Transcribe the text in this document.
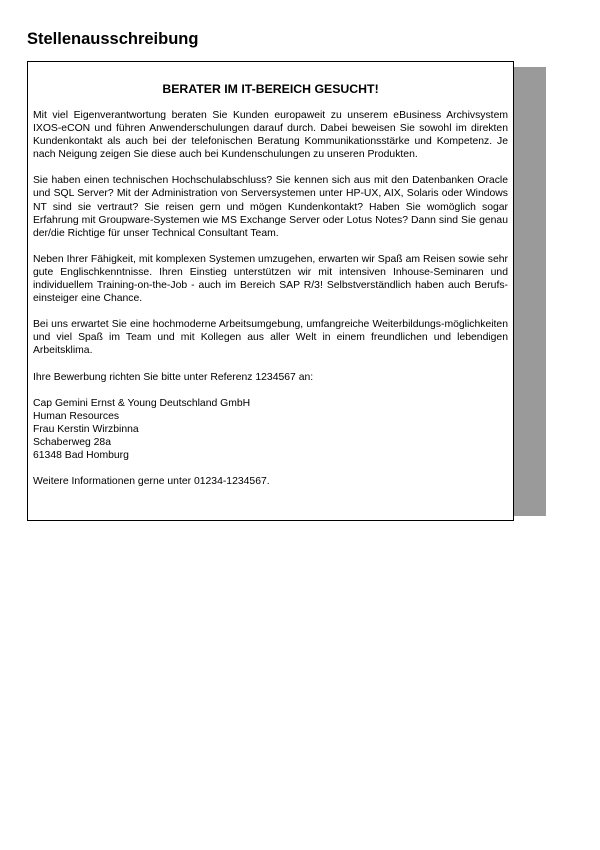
Stellenausschreibung
BERATER IM IT-BEREICH GESUCHT!

Mit viel Eigenverantwortung beraten Sie Kunden europaweit zu unserem eBusiness Archivsystem IXOS-eCON und führen Anwenderschulungen darauf durch. Dabei beweisen Sie sowohl im direkten Kundenkontakt als auch bei der telefonischen Beratung Kommunikationsstärke und Kompetenz. Je nach Neigung zeigen Sie diese auch bei Kundenschulungen zu unseren Produkten.

Sie haben einen technischen Hochschulabschluss? Sie kennen sich aus mit den Datenbanken Oracle und SQL Server? Mit der Administration von Serversystemen unter HP-UX, AIX, Solaris oder Windows NT sind sie vertraut? Sie reisen gern und mögen Kundenkontakt? Haben Sie womöglich sogar Erfahrung mit Groupware-Systemen wie MS Exchange Server oder Lotus Notes? Dann sind Sie genau der/die Richtige für unser Technical Consultant Team.

Neben Ihrer Fähigkeit, mit komplexen Systemen umzugehen, erwarten wir Spaß am Reisen sowie sehr gute Englischkenntnisse. Ihren Einstieg unterstützen wir mit intensiven Inhouse-Seminaren und individuellem Training-on-the-Job - auch im Bereich SAP R/3! Selbstverständlich haben auch Berufs-einsteiger eine Chance.

Bei uns erwartet Sie eine hochmoderne Arbeitsumgebung, umfangreiche Weiterbildungs-möglichkeiten und viel Spaß im Team und mit Kollegen aus aller Welt in einem freundlichen und lebendigen Arbeitsklima.

Ihre Bewerbung richten Sie bitte unter Referenz 1234567 an:

Cap Gemini Ernst & Young Deutschland GmbH

Human Resources

Frau Kerstin Wirzbinna

Schaberweg 28a

61348 Bad Homburg

Weitere Informationen gerne unter 01234-1234567.
